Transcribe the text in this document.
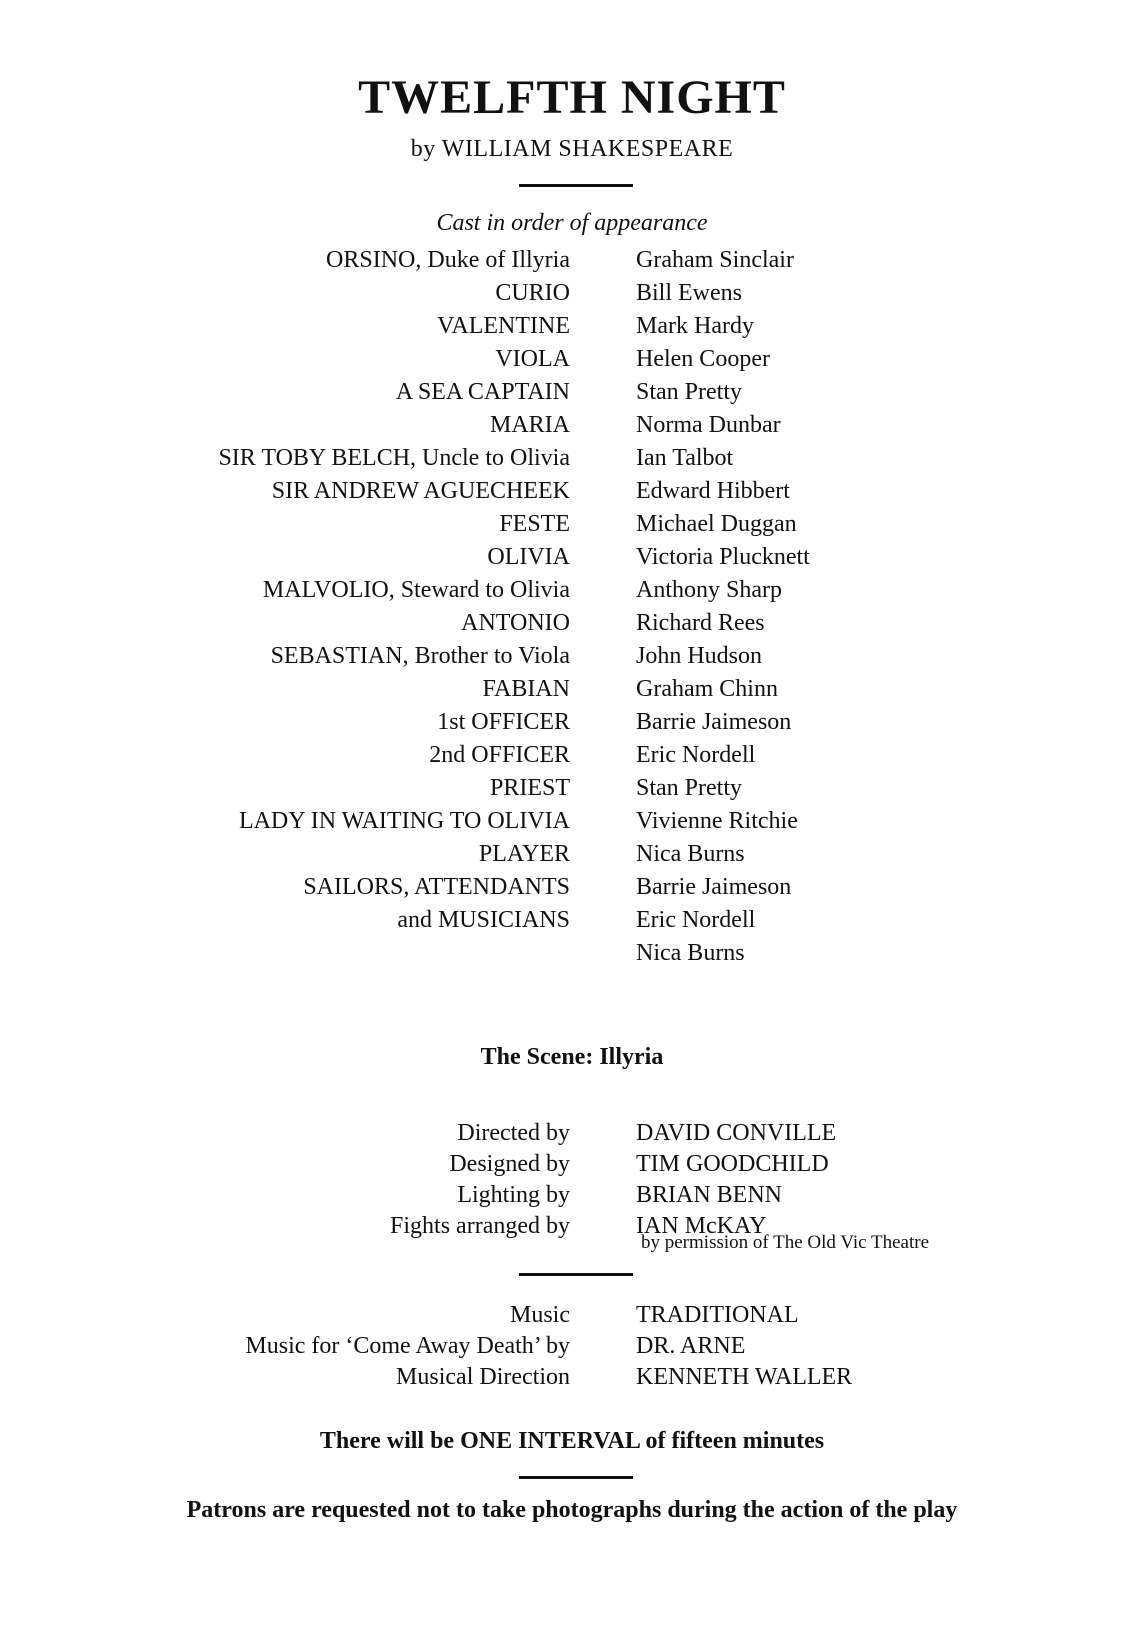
TWELFTH NIGHT
by WILLIAM SHAKESPEARE
Cast in order of appearance
ORSINO, Duke of Illyria	Graham Sinclair
CURIO	Bill Ewens
VALENTINE	Mark Hardy
VIOLA	Helen Cooper
A SEA CAPTAIN	Stan Pretty
MARIA	Norma Dunbar
SIR TOBY BELCH, Uncle to Olivia	Ian Talbot
SIR ANDREW AGUECHEEK	Edward Hibbert
FESTE	Michael Duggan
OLIVIA	Victoria Plucknett
MALVOLIO, Steward to Olivia	Anthony Sharp
ANTONIO	Richard Rees
SEBASTIAN, Brother to Viola	John Hudson
FABIAN	Graham Chinn
1st OFFICER	Barrie Jaimeson
2nd OFFICER	Eric Nordell
PRIEST	Stan Pretty
LADY IN WAITING TO OLIVIA	Vivienne Ritchie
PLAYER	Nica Burns
SAILORS, ATTENDANTS	Barrie Jaimeson
and MUSICIANS	Eric Nordell
Nica Burns
The Scene: Illyria
Directed by	DAVID CONVILLE
Designed by	TIM GOODCHILD
Lighting by	BRIAN BENN
Fights arranged by	IAN McKAY
by permission of The Old Vic Theatre
Music	TRADITIONAL
Music for ‘Come Away Death’ by	DR. ARNE
Musical Direction	KENNETH WALLER
There will be ONE INTERVAL of fifteen minutes
Patrons are requested not to take photographs during the action of the play
